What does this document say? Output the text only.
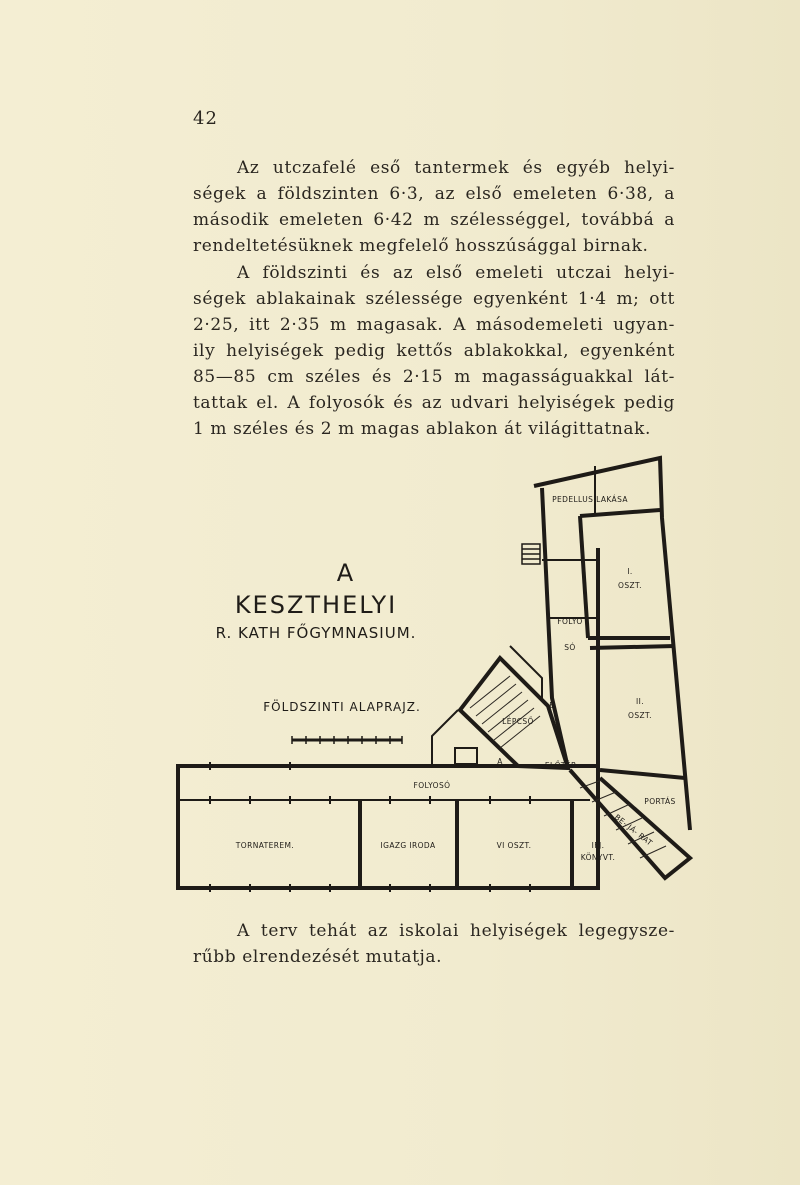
42
Az utczafelé eső tantermek és egyéb helyi-
ségek a földszinten 6·3, az első emeleten 6·38, a
második emeleten 6·42 m szélességgel, továbbá a
rendeltetésüknek megfelelő hosszúsággal birnak.
A földszinti és az első emeleti utczai helyi-
ségek ablakainak szélessége egyenként 1·4 m; ott
2·25, itt 2·35 m magasak. A másodemeleti ugyan-
ily helyiségek pedig kettős ablakokkal, egyenként
85—85 cm széles és 2·15 m magasságuakkal lát-
tattak el. A folyosók és az udvari helyiségek pedig
1 m széles és 2 m magas ablakon át világittatnak.
A
KESZTHELYI
R. KATH FŐGYMNASIUM.
FÖLDSZINTI ALAPRAJZ.
PEDELLUS LAKÁSA
I.
OSZT.
II.
OSZT.
FOLYO
SÓ
LÉPCSŐ
ELŐTÉR.
FOLYOSÓ
PORTÁS
BE- JÁ- RAT
TORNATEREM.	IGAZG IRODA	VI OSZT.	IFJ.
KÖNYVT.
A
B
A terv tehát az iskolai helyiségek legegysze-
rűbb elrendezését mutatja.
